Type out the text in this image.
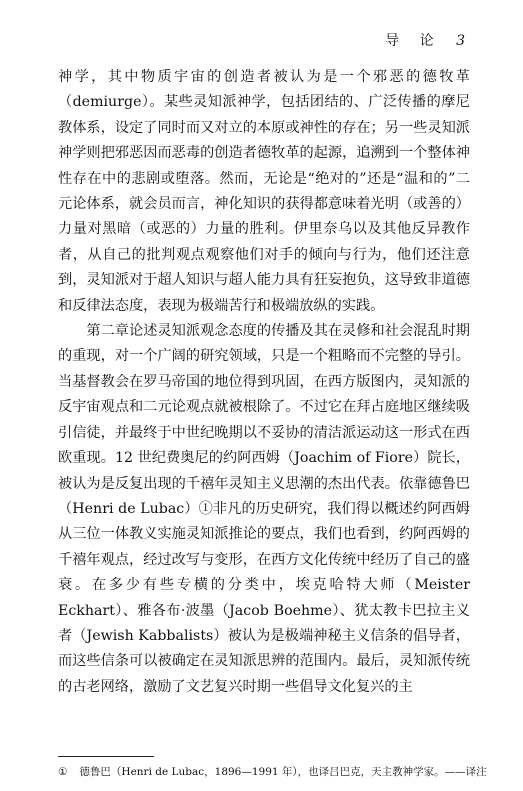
导 论 3

神学，其中物质宇宙的创造者被认为是一个邪恶的德牧革（demiurge）。某些灵知派神学，包括团结的、广泛传播的摩尼教体系，设定了同时而又对立的本原或神性的存在；另一些灵知派神学则把邪恶因而恶毒的创造者德牧革的起源，追溯到一个整体神性存在中的悲剧或堕落。然而，无论是“绝对的”还是“温和的”二元论体系，就会员而言，神化知识的获得都意味着光明（或善的）力量对黑暗（或恶的）力量的胜利。伊里奈乌以及其他反异教作者，从自己的批判观点观察他们对手的倾向与行为，他们还注意到，灵知派对于超人知识与超人能力具有狂妄抱负，这导致非道德和反律法态度，表现为极端苦行和极端放纵的实践。

第二章论述灵知派观念态度的传播及其在灵修和社会混乱时期的重现，对一个广阔的研究领域，只是一个粗略而不完整的导引。当基督教会在罗马帝国的地位得到巩固，在西方版图内，灵知派的反宇宙观点和二元论观点就被根除了。不过它在拜占庭地区继续吸引信徒，并最终于中世纪晚期以不妥协的清洁派运动这一形式在西欧重现。12 世纪费奥尼的约阿西姆（Joachim of Fiore）院长，被认为是反复出现的千禧年灵知主义思潮的杰出代表。依靠德鲁巴（Henri de Lubac）①非凡的历史研究，我们得以概述约阿西姆从三位一体教义实施灵知派推论的要点，我们也看到，约阿西姆的千禧年观点，经过改写与变形，在西方文化传统中经历了自己的盛衰。在多少有些专横的分类中，埃克哈特大师（Meister Eckhart）、雅各布·波墨（Jacob Boehme）、犹太教卡巴拉主义者（Jewish Kabbalists）被认为是极端神秘主义信条的倡导者，而这些信条可以被确定在灵知派思辨的范围内。最后，灵知派传统的古老网络，激励了文艺复兴时期一些倡导文化复兴的主

① 德鲁巴（Henri de Lubac，1896—1991 年），也译吕巴克，天主教神学家。——译注
